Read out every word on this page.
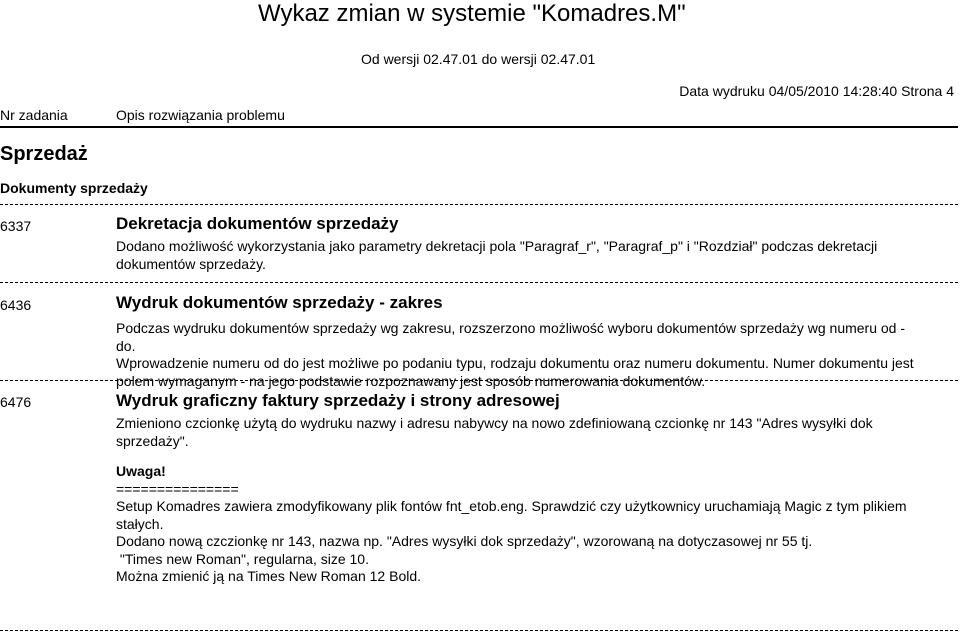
Wykaz zmian w systemie "Komadres.M"
Od wersji 02.47.01 do wersji 02.47.01
Data wydruku 04/05/2010 14:28:40 Strona 4
Nr zadania	Opis rozwiązania problemu
Sprzedaż
Dokumenty sprzedaży
6337	Dekretacja dokumentów sprzedaży

Dodano możliwość wykorzystania jako parametry dekretacji pola "Paragraf_r", "Paragraf_p" i "Rozdział" podczas dekretacji

dokumentów sprzedaży.

6436	Wydruk dokumentów sprzedaży - zakres

Podczas wydruku dokumentów sprzedaży wg zakresu, rozszerzono możliwość wyboru dokumentów sprzedaży wg numeru od - do.

Wprowadzenie numeru od do jest możliwe po podaniu typu, rodzaju dokumentu oraz numeru dokumentu. Numer dokumentu jest

polem wymaganym - na jego podstawie rozpoznawany jest sposób numerowania dokumentów.

6476	Wydruk graficzny faktury sprzedaży i strony adresowej

Zmieniono czcionkę użytą do wydruku nazwy i adresu nabywcy na nowo zdefiniowaną czcionkę nr 143 "Adres wysyłki dok

sprzedaży".

Uwaga!

===============

Setup Komadres zawiera zmodyfikowany plik fontów fnt_etob.eng. Sprawdzić czy użytkownicy uruchamiają Magic z tym plikiem

stałych.

Dodano nową czczionkę nr 143, nazwa np. "Adres wysyłki dok sprzedaży", wzorowaną na dotyczasowej nr 55 tj.

"Times new Roman", regularna, size 10.

Można zmienić ją na Times New Roman 12 Bold.
